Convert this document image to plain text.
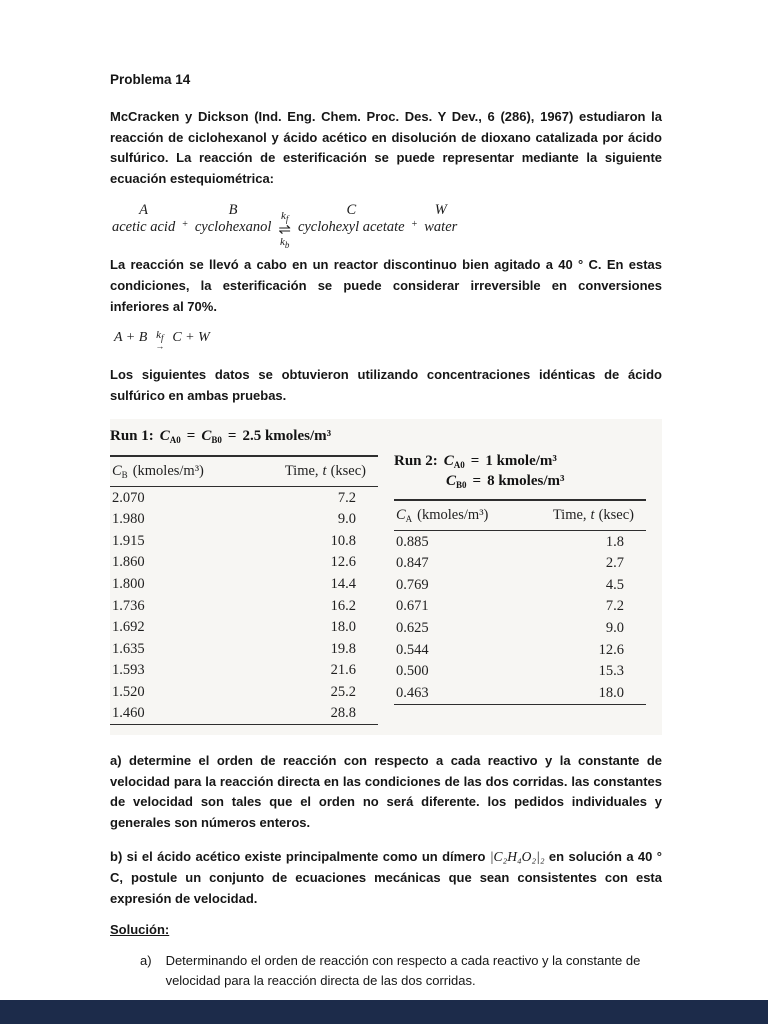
Problema 14

McCracken y Dickson (Ind. Eng. Chem. Proc. Des. Y Dev., 6 (286), 1967) estudiaron la reacción de ciclohexanol y ácido acético en disolución de dioxano catalizada por ácido sulfúrico. La reacción de esterificación se puede representar mediante la siguiente ecuación estequiométrica:

A
acetic acid +
B
cyclohexanol
$k_f$
⇌
$k_b$
C
cyclohexyl acetate +
W
water

La reacción se llevó a cabo en un reactor discontinuo bien agitado a 40 ° C. En estas condiciones, la esterificación se puede considerar irreversible en conversiones inferiores al 70%.

A + B $k_f$
→
C + W

Los siguientes datos se obtuvieron utilizando concentraciones idénticas de ácido sulfúrico en ambas pruebas.

Run 1: $C_{A0} = C_{B0} = 2.5$ kmoles/m³
$C_B$ (kmoles/m³)	Time, t (ksec)

2.070	7.2
1.980	9.0
1.915	10.8
1.860	12.6
1.800	14.4
1.736	16.2
1.692	18.0
1.635	19.8
1.593	21.6
1.520	25.2
1.460	28.8
Run 2: $C_{A0} = 1$ kmole/m³
$C_{B0} = 8$ kmoles/m³
$C_A$ (kmoles/m³)	Time, t (ksec)

0.885	1.8
0.847	2.7
0.769	4.5
0.671	7.2
0.625	9.0
0.544	12.6
0.500	15.3
0.463	18.0

a) determine el orden de reacción con respecto a cada reactivo y la constante de velocidad para la reacción directa en las condiciones de las dos corridas. las constantes de velocidad son tales que el orden no será diferente. los pedidos individuales y generales son números enteros.

b) si el ácido acético existe principalmente como un dímero |C₂H₄O₂|₂ en solución a 40 ° C, postule un conjunto de ecuaciones mecánicas que sean consistentes con esta expresión de velocidad.

Solución:
a) Determinando el orden de reacción con respecto a cada reactivo y la constante de velocidad para la reacción directa de las dos corridas.
